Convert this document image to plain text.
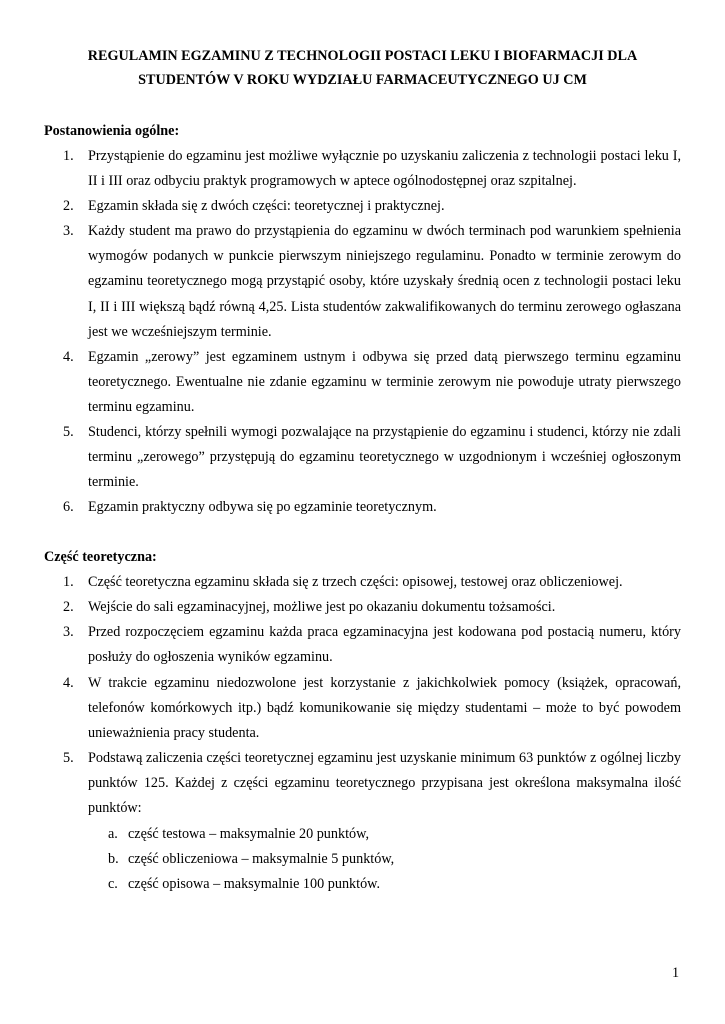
REGULAMIN EGZAMINU Z TECHNOLOGII POSTACI LEKU I BIOFARMACJI DLA
STUDENTÓW V ROKU WYDZIAŁU FARMACEUTYCZNEGO UJ CM
Postanowienia ogólne:
1.	Przystąpienie do egzaminu jest możliwe wyłącznie po uzyskaniu zaliczenia z technologii postaci leku I, II i III oraz odbyciu praktyk programowych w aptece ogólnodostępnej oraz szpitalnej.
2.	Egzamin składa się z dwóch części: teoretycznej i praktycznej.
3.	Każdy student ma prawo do przystąpienia do egzaminu w dwóch terminach pod warunkiem spełnienia wymogów podanych w punkcie pierwszym niniejszego regulaminu. Ponadto w terminie zerowym do egzaminu teoretycznego mogą przystąpić osoby, które uzyskały średnią ocen z technologii postaci leku I, II i III większą bądź równą 4,25. Lista studentów zakwalifikowanych do terminu zerowego ogłaszana jest we wcześniejszym terminie.
4.	Egzamin „zerowy” jest egzaminem ustnym i odbywa się przed datą pierwszego terminu egzaminu teoretycznego. Ewentualne nie zdanie egzaminu w terminie zerowym nie powoduje utraty pierwszego terminu egzaminu.
5.	Studenci, którzy spełnili wymogi pozwalające na przystąpienie do egzaminu i studenci, którzy nie zdali terminu „zerowego” przystępują do egzaminu teoretycznego w uzgodnionym i wcześniej ogłoszonym terminie.
6.	Egzamin praktyczny odbywa się po egzaminie teoretycznym.
Część teoretyczna:
1.	Część teoretyczna egzaminu składa się z trzech części: opisowej, testowej oraz obliczeniowej.
2.	Wejście do sali egzaminacyjnej, możliwe jest po okazaniu dokumentu tożsamości.
3.	Przed rozpoczęciem egzaminu każda praca egzaminacyjna jest kodowana pod postacią numeru, który posłuży do ogłoszenia wyników egzaminu.
4.	W trakcie egzaminu niedozwolone jest korzystanie z jakichkolwiek pomocy (książek, opracowań, telefonów komórkowych itp.) bądź komunikowanie się między studentami – może to być powodem unieważnienia pracy studenta.
5.	Podstawą zaliczenia części teoretycznej egzaminu jest uzyskanie minimum 63 punktów z ogólnej liczby punktów 125. Każdej z części egzaminu teoretycznego przypisana jest określona maksymalna ilość punktów:
a. część testowa – maksymalnie 20 punktów,
b. część obliczeniowa – maksymalnie 5 punktów,
c. część opisowa – maksymalnie 100 punktów.
1
